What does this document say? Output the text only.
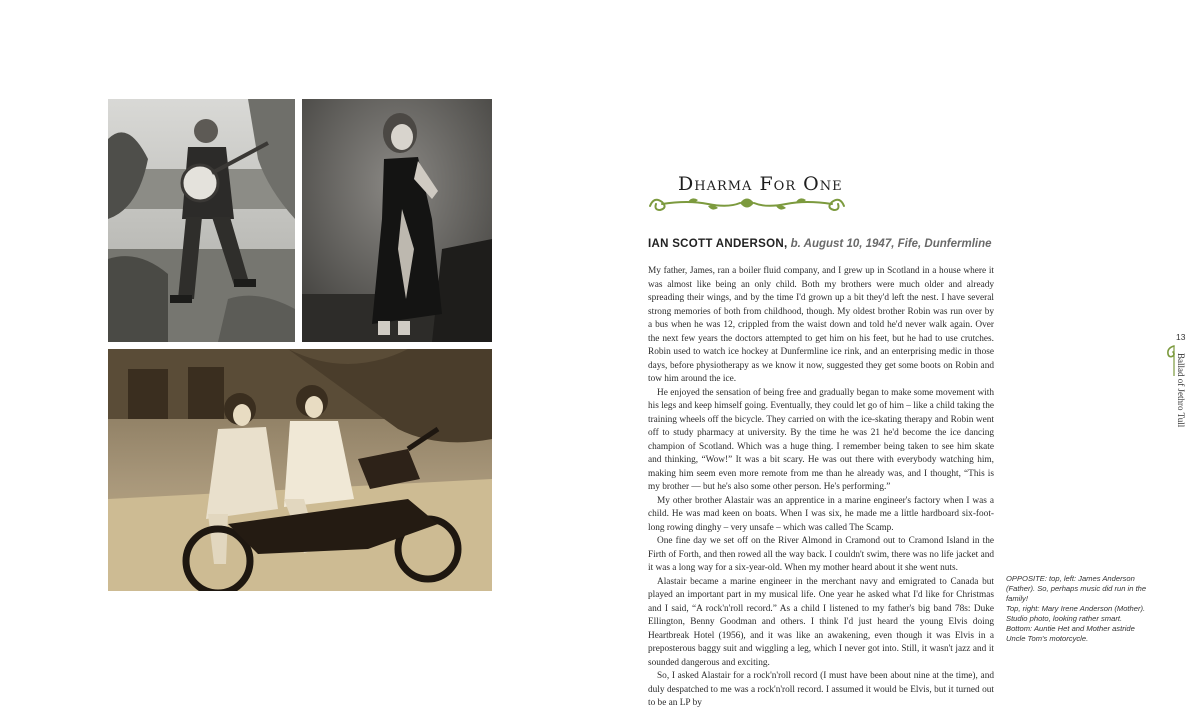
Dharma For One
IAN SCOTT ANDERSON, b. August 10, 1947, Fife, Dunfermline

My father, James, ran a boiler fluid company, and I grew up in Scotland in a house where it was almost like being an only child. Both my brothers were much older and already spreading their wings, and by the time I'd grown up a bit they'd left the nest. I have several strong memories of both from childhood, though. My oldest brother Robin was run over by a bus when he was 12, crippled from the waist down and told he'd never walk again. Over the next few years the doctors attempted to get him on his feet, but he had to use crutches. Robin used to watch ice hockey at Dunfermline ice rink, and an enterprising medic in those days, before physiotherapy as we know it now, suggested they get some boots on Robin and tow him around the ice.

He enjoyed the sensation of being free and gradually began to make some movement with his legs and keep himself going. Eventually, they could let go of him – like a child taking the training wheels off the bicycle. They carried on with the ice-skating therapy and Robin went off to study pharmacy at university. By the time he was 21 he'd become the ice dancing champion of Scotland. Which was a huge thing. I remember being taken to see him skate and thinking, “Wow!” It was a bit scary. He was out there with everybody watching him, making him seem even more remote from me than he already was, and I thought, “This is my brother — but he's also some other person. He's performing.”

My other brother Alastair was an apprentice in a marine engineer's factory when I was a child. He was mad keen on boats. When I was six, he made me a little hardboard six-foot-long rowing dinghy – very unsafe – which was called The Scamp.

One fine day we set off on the River Almond in Cramond out to Cramond Island in the Firth of Forth, and then rowed all the way back. I couldn't swim, there was no life jacket and it was a long way for a six-year-old. When my mother heard about it she went nuts.

Alastair became a marine engineer in the merchant navy and emigrated to Canada but played an important part in my musical life. One year he asked what I'd like for Christmas and I said, “A rock'n'roll record.” As a child I listened to my father's big band 78s: Duke Ellington, Benny Goodman and others. I think I'd just heard the young Elvis doing Heartbreak Hotel (1956), and it was like an awakening, even though it was Elvis in a preposterous baggy suit and wiggling a leg, which I never got into. Still, it wasn't jazz and it sounded dangerous and exciting.

So, I asked Alastair for a rock'n'roll record (I must have been about nine at the time), and duly despatched to me was a rock'n'roll record. I assumed it would be Elvis, but it turned out to be an LP by

OPPOSITE: top, left: James Anderson (Father). So, perhaps music did run in the family!
Top, right: Mary Irene Anderson (Mother). Studio photo, looking rather smart.
Bottom: Auntie Het and Mother astride Uncle Tom's motorcycle.
13
Ballad of Jethro Tull
